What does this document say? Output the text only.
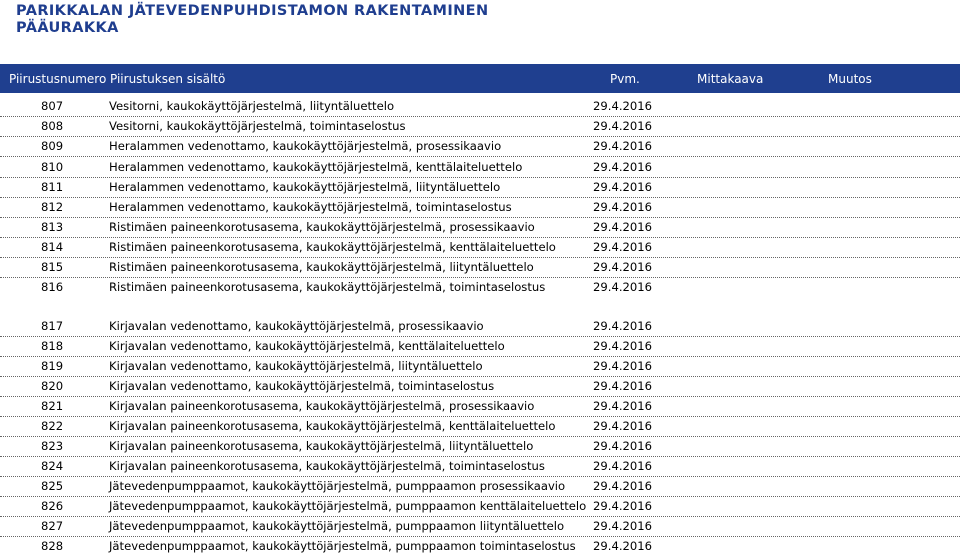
PARIKKALAN JÄTEVEDENPUHDISTAMON RAKENTAMINEN
PÄÄURAKKA
Piirustusnumero Piirustuksen sisältö	Pvm.	Mittakaava	Muutos
807	Vesitorni, kaukokäyttöjärjestelmä, liityntäluettelo	29.4.2016
808	Vesitorni, kaukokäyttöjärjestelmä, toimintaselostus	29.4.2016
809	Heralammen vedenottamo, kaukokäyttöjärjestelmä, prosessikaavio	29.4.2016
810	Heralammen vedenottamo, kaukokäyttöjärjestelmä, kenttälaiteluettelo	29.4.2016
811	Heralammen vedenottamo, kaukokäyttöjärjestelmä, liityntäluettelo	29.4.2016
812	Heralammen vedenottamo, kaukokäyttöjärjestelmä, toimintaselostus	29.4.2016
813	Ristimäen paineenkorotusasema, kaukokäyttöjärjestelmä, prosessikaavio	29.4.2016
814	Ristimäen paineenkorotusasema, kaukokäyttöjärjestelmä, kenttälaiteluettelo	29.4.2016
815	Ristimäen paineenkorotusasema, kaukokäyttöjärjestelmä, liityntäluettelo	29.4.2016
816	Ristimäen paineenkorotusasema, kaukokäyttöjärjestelmä, toimintaselostus	29.4.2016
817	Kirjavalan vedenottamo, kaukokäyttöjärjestelmä, prosessikaavio	29.4.2016
818	Kirjavalan vedenottamo, kaukokäyttöjärjestelmä, kenttälaiteluettelo	29.4.2016
819	Kirjavalan vedenottamo, kaukokäyttöjärjestelmä, liityntäluettelo	29.4.2016
820	Kirjavalan vedenottamo, kaukokäyttöjärjestelmä, toimintaselostus	29.4.2016
821	Kirjavalan paineenkorotusasema, kaukokäyttöjärjestelmä, prosessikaavio	29.4.2016
822	Kirjavalan paineenkorotusasema, kaukokäyttöjärjestelmä, kenttälaiteluettelo	29.4.2016
823	Kirjavalan paineenkorotusasema, kaukokäyttöjärjestelmä, liityntäluettelo	29.4.2016
824	Kirjavalan paineenkorotusasema, kaukokäyttöjärjestelmä, toimintaselostus	29.4.2016
825	Jätevedenpumppaamot, kaukokäyttöjärjestelmä, pumppaamon prosessikaavio 29.4.2016
826	Jätevedenpumppaamot, kaukokäyttöjärjestelmä, pumppaamon kenttälaiteluettelo 29.4.2016
827	Jätevedenpumppaamot, kaukokäyttöjärjestelmä, pumppaamon liityntäluettelo 29.4.2016
828	Jätevedenpumppaamot, kaukokäyttöjärjestelmä, pumppaamon toimintaselostus 29.4.2016
